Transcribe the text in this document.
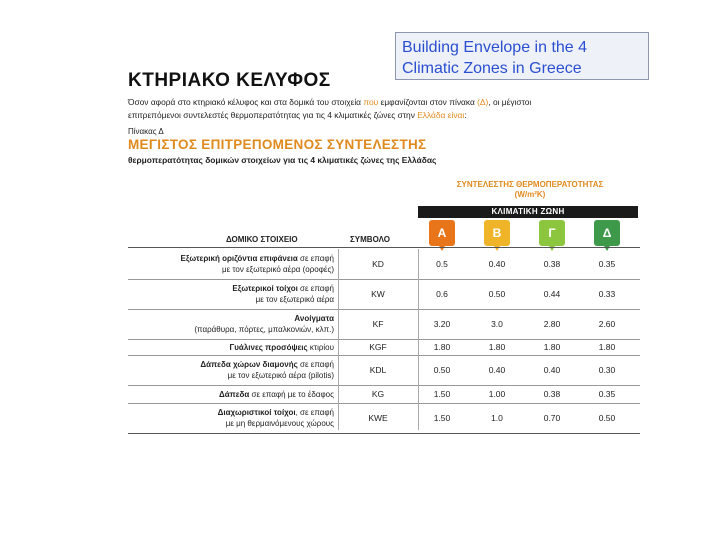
Building Envelope in the 4
Climatic Zones in Greece
ΚΤΗΡΙΑΚΟ ΚΕΛΥΦΟΣ
Όσον αφορά στο κτηριακό κέλυφος και στα δομικά του στοιχεία που εμφανίζονται στον πίνακα (Δ), οι μέγιστοι
επιτρεπόμενοι συντελεστές θερμοπερατότητας για τις 4 κλιματικές ζώνες στην Ελλάδα είναι:
Πίνακας Δ
ΜΕΓΙΣΤΟΣ ΕΠΙΤΡΕΠΟΜΕΝΟΣ ΣΥΝΤΕΛΕΣΤΗΣ
θερμοπερατότητας δομικών στοιχείων για τις 4 κλιματικές ζώνες της Ελλάδας
ΣΥΝΤΕΛΕΣΤΗΣ ΘΕΡΜΟΠΕΡΑΤΟΤΗΤΑΣ
(W/m²K)
ΚΛΙΜΑΤΙΚΗ ΖΩΝΗ
Α	Β	Γ	Δ
ΔΟΜΙΚΟ ΣΤΟΙΧΕΙΟ	ΣΥΜΒΟΛΟ
Εξωτερική οριζόντια επιφάνεια σε επαφή
με τον εξωτερικό αέρα (οροφές)
KD	0.5	0.40	0.38	0.35
Εξωτερικοί τοίχοι σε επαφή
με τον εξωτερικό αέρα
KW	0.6	0.50	0.44	0.33
Ανοίγματα
(παράθυρα, πόρτες, μπαλκονιών, κλπ.)
KF	3.20	3.0	2.80	2.60
Γυάλινες προσόψεις κτιρίου	KGF	1.80	1.80	1.80	1.80
Δάπεδα χώρων διαμονής σε επαφή
με τον εξωτερικό αέρα (pilotis)
KDL	0.50	0.40	0.40	0.30
Δάπεδα σε επαφή με το έδαφος	KG	1.50	1.00	0.38	0.35
Διαχωριστικοί τοίχοι, σε επαφή
με μη θερμαινόμενους χώρους
KWE	1.50	1.0	0.70	0.50
